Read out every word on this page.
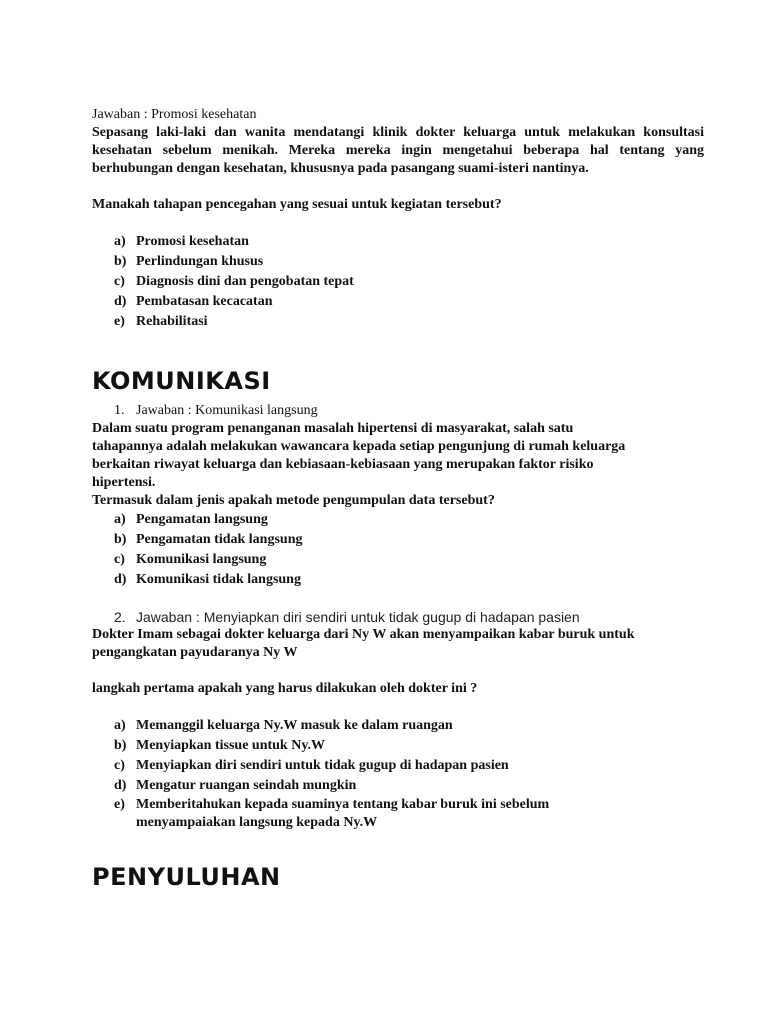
Jawaban : Promosi kesehatan

Sepasang laki-laki dan wanita mendatangi klinik dokter keluarga untuk melakukan konsultasi kesehatan sebelum menikah. Mereka mereka ingin mengetahui beberapa hal tentang yang berhubungan dengan kesehatan, khususnya pada pasangang suami-isteri nantinya.

Manakah tahapan pencegahan yang sesuai untuk kegiatan tersebut?

a) Promosi kesehatan
b) Perlindungan khusus
c) Diagnosis dini dan pengobatan tepat
d) Pembatasan kecacatan
e) Rehabilitasi
KOMUNIKASI
1. Jawaban : Komunikasi langsung

Dalam suatu program penanganan masalah hipertensi di masyarakat, salah satu

tahapannya adalah melakukan wawancara kepada setiap pengunjung di rumah keluarga

berkaitan riwayat keluarga dan kebiasaan-kebiasaan yang merupakan faktor risiko

hipertensi.

Termasuk dalam jenis apakah metode pengumpulan data tersebut?

a) Pengamatan langsung
b) Pengamatan tidak langsung
c) Komunikasi langsung
d) Komunikasi tidak langsung
2. Jawaban : Menyiapkan diri sendiri untuk tidak gugup di hadapan pasien

Dokter Imam sebagai dokter keluarga dari Ny W akan menyampaikan kabar buruk untuk

pengangkatan payudaranya Ny W

langkah pertama apakah yang harus dilakukan oleh dokter ini ?

a) Memanggil keluarga Ny.W masuk ke dalam ruangan
b) Menyiapkan tissue untuk Ny.W
c) Menyiapkan diri sendiri untuk tidak gugup di hadapan pasien
d) Mengatur ruangan seindah mungkin
e) Memberitahukan kepada suaminya tentang kabar buruk ini sebelum menyampaiakan langsung kepada Ny.W
PENYULUHAN
